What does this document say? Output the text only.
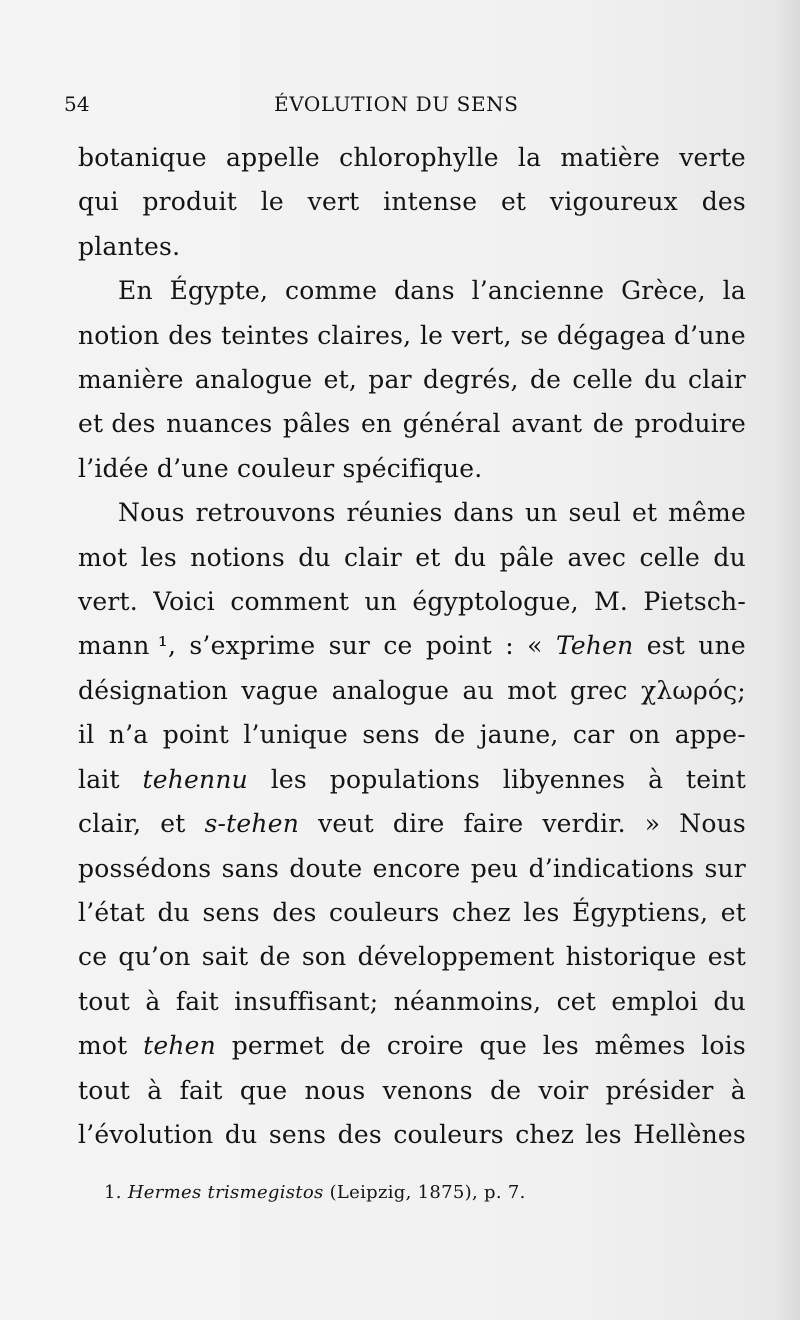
54	ÉVOLUTION DU SENS
botanique appelle chlorophylle la matière verte
qui produit le vert intense et vigoureux des
plantes.
En Égypte, comme dans l’ancienne Grèce, la
notion des teintes claires, le vert, se dégagea d’une
manière analogue et, par degrés, de celle du clair
et des nuances pâles en général avant de produire
l’idée d’une couleur spécifique.
Nous retrouvons réunies dans un seul et même
mot les notions du clair et du pâle avec celle du
vert. Voici comment un égyptologue, M. Pietsch-
mann ¹, s’exprime sur ce point : « Tehen est une
désignation vague analogue au mot grec χλωρός;
il n’a point l’unique sens de jaune, car on appe-
lait tehennu les populations libyennes à teint
clair, et s-tehen veut dire faire verdir. » Nous
possédons sans doute encore peu d’indications sur
l’état du sens des couleurs chez les Égyptiens, et
ce qu’on sait de son développement historique est
tout à fait insuffisant; néanmoins, cet emploi du
mot tehen permet de croire que les mêmes lois
tout à fait que nous venons de voir présider à
l’évolution du sens des couleurs chez les Hellènes
1. Hermes trismegistos (Leipzig, 1875), p. 7.
